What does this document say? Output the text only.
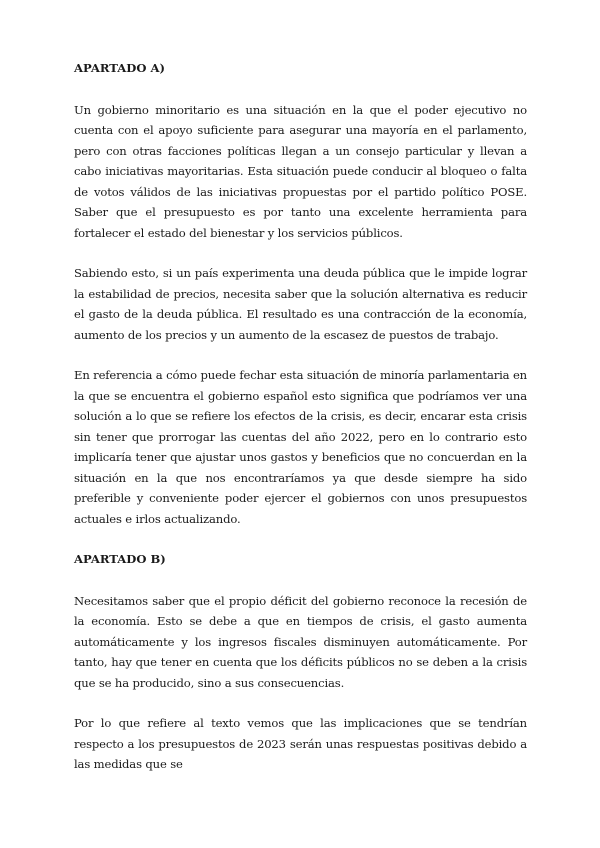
APARTADO A)

Un gobierno minoritario es una situación en la que el poder ejecutivo no cuenta con el apoyo suficiente para asegurar una mayoría en el parlamento, pero con otras facciones políticas llegan a un consejo particular y llevan a cabo iniciativas mayoritarias. Esta situación puede conducir al bloqueo o falta de votos válidos de las iniciativas propuestas por el partido político POSE. Saber que el presupuesto es por tanto una excelente herramienta para fortalecer el estado del bienestar y los servicios públicos.

Sabiendo esto, si un país experimenta una deuda pública que le impide lograr la estabilidad de precios, necesita saber que la solución alternativa es reducir el gasto de la deuda pública. El resultado es una contracción de la economía, aumento de los precios y un aumento de la escasez de puestos de trabajo.

En referencia a cómo puede fechar esta situación de minoría parlamentaria en la que se encuentra el gobierno español esto significa que podríamos ver una solución a lo que se refiere los efectos de la crisis, es decir, encarar esta crisis sin tener que prorrogar las cuentas del año 2022, pero en lo contrario esto implicaría tener que ajustar unos gastos y beneficios que no concuerdan en la situación en la que nos encontraríamos ya que desde siempre ha sido preferible y conveniente poder ejercer el gobiernos con unos presupuestos actuales e irlos actualizando.

APARTADO B)

Necesitamos saber que el propio déficit del gobierno reconoce la recesión de la economía. Esto se debe a que en tiempos de crisis, el gasto aumenta automáticamente y los ingresos fiscales disminuyen automáticamente. Por tanto, hay que tener en cuenta que los déficits públicos no se deben a la crisis que se ha producido, sino a sus consecuencias.

Por lo que refiere al texto vemos que las implicaciones que se tendrían respecto a los presupuestos de 2023 serán unas respuestas positivas debido a las medidas que se
